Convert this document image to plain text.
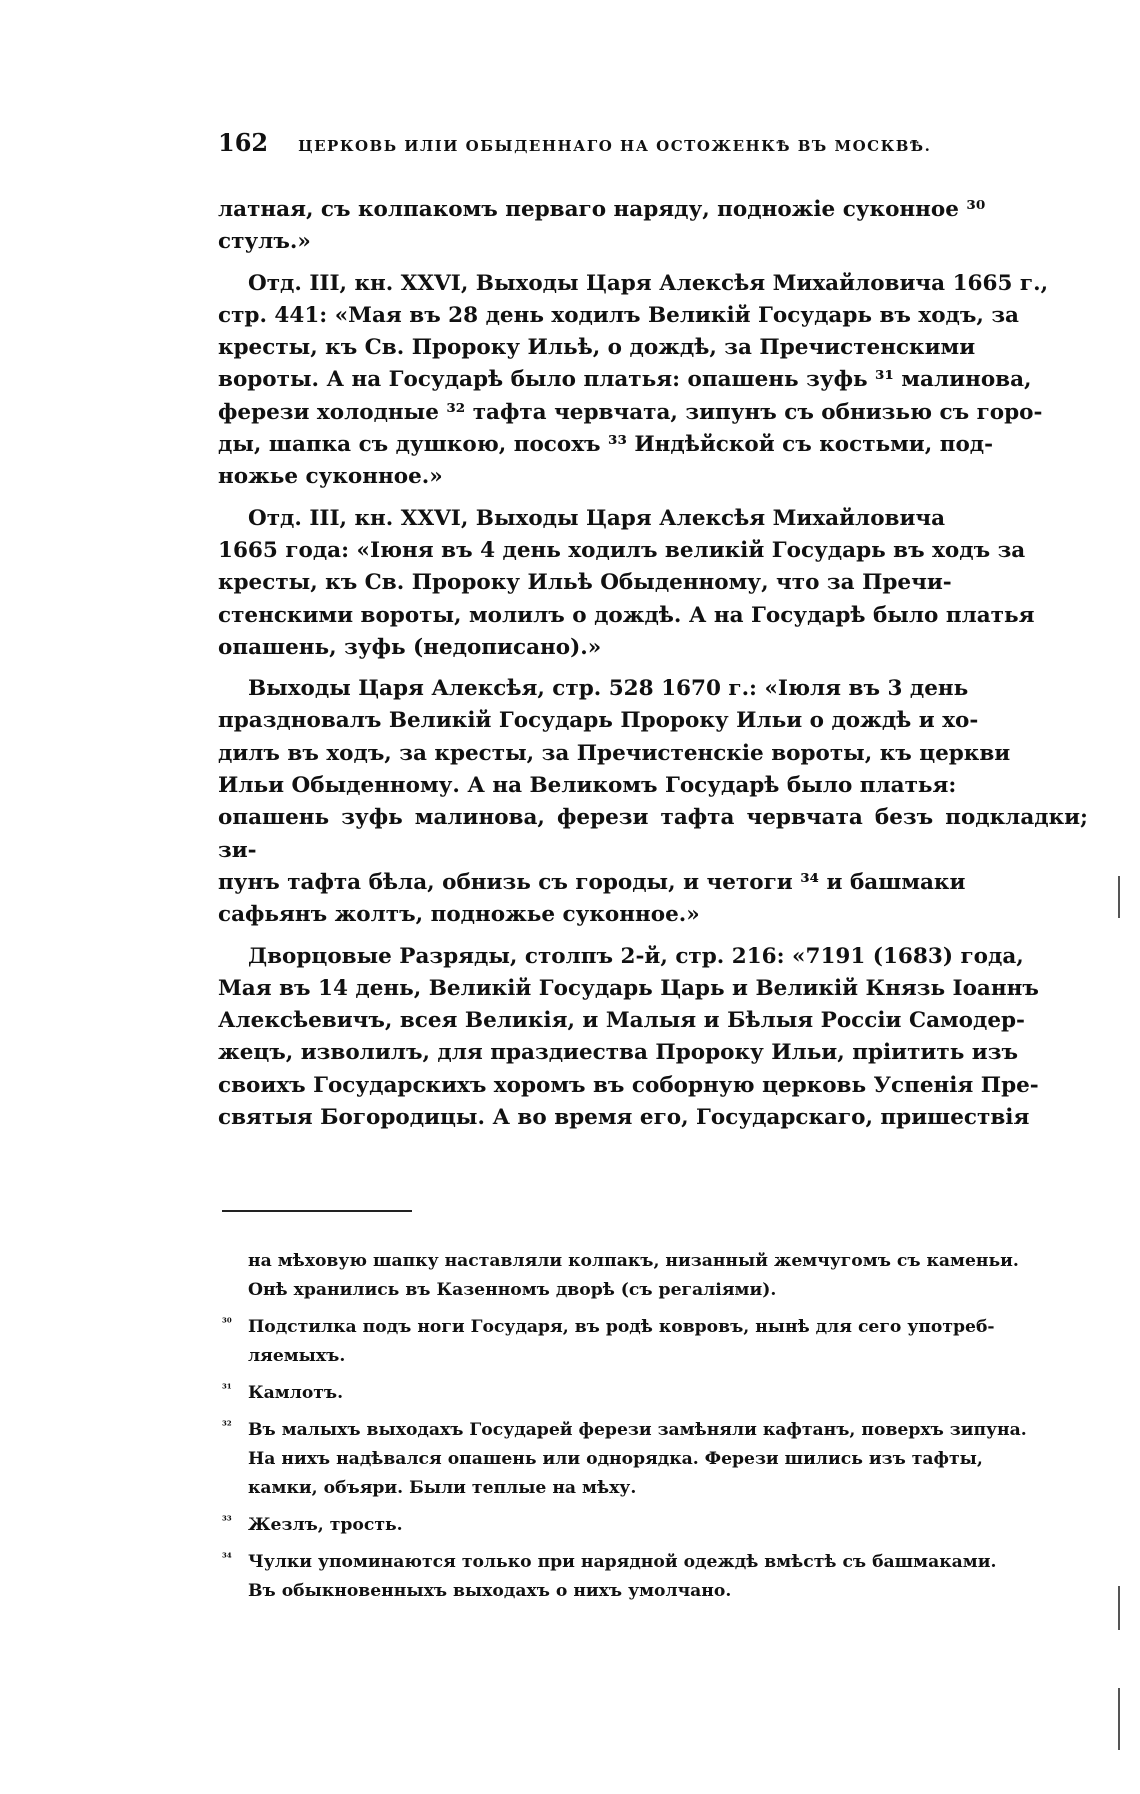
162 ЦЕРКОВЬ ИЛІИ ОБЫДЕННАГО НА ОСТОЖЕНКѢ ВЪ МОСКВѢ.

латная, съ колпакомъ перваго наряду, подножіе суконное ³⁰
стулъ.»

Отд. III, кн. XXVI, Выходы Царя Алексѣя Михайловича 1665 г.,
стр. 441: «Мая въ 28 день ходилъ Великій Государь въ ходъ, за
кресты, къ Св. Пророку Ильѣ, о дождѣ, за Пречистенскими
вороты. А на Государѣ было платья: опашень зуфь ³¹ малинова,
ферези холодные ³² тафта червчата, зипунъ съ обнизью съ горо-
ды, шапка съ душкою, посохъ ³³ Индѣйской съ костьми, под-
ножье суконное.»

Отд. III, кн. XXVI, Выходы Царя Алексѣя Михайловича
1665 года: «Іюня въ 4 день ходилъ великій Государь въ ходъ за
кресты, къ Св. Пророку Ильѣ Обыденному, что за Пречи-
стенскими вороты, молилъ о дождѣ. А на Государѣ было платья
опашень, зуфь (недописано).»

Выходы Царя Алексѣя, стр. 528 1670 г.: «Іюля въ 3 день
праздновалъ Великій Государь Пророку Ильи о дождѣ и хо-
дилъ въ ходъ, за кресты, за Пречистенскіе вороты, къ церкви
Ильи Обыденному. А на Великомъ Государѣ было платья:
опашень зуфь малинова, ферези тафта червчата безъ подкладки; зи-
пунъ тафта бѣла, обнизь съ городы, и четоги ³⁴ и башмаки
сафьянъ жолтъ, подножье суконное.»

Дворцовые Разряды, столпъ 2-й, стр. 216: «7191 (1683) года,
Мая въ 14 день, Великій Государь Царь и Великій Князь Іоаннъ
Алексѣевичъ, всея Великія, и Малыя и Бѣлыя Россіи Самодер-
жецъ, изволилъ, для праздиества Пророку Ильи, пріитить изъ
своихъ Государскихъ хоромъ въ соборную церковь Успенія Пре-
святыя Богородицы. А во время его, Государскаго, пришествія

на мѣховую шапку наставляли колпакъ, низанный жемчугомъ съ каменьи.
Онѣ хранились въ Казенномъ дворѣ (съ регаліями).
³⁰ Подстилка подъ ноги Государя, въ родѣ ковровъ, нынѣ для сего употреб-
ляемыхъ.
³¹ Камлотъ.
³² Въ малыхъ выходахъ Государей ферези замѣняли кафтанъ, поверхъ зипуна.
На нихъ надѣвался опашень или однорядка. Ферези шились изъ тафты,
камки, объяри. Были теплые на мѣху.
³³ Жезлъ, трость.
³⁴ Чулки упоминаются только при нарядной одеждѣ вмѣстѣ съ башмаками.
Въ обыкновенныхъ выходахъ о нихъ умолчано.
